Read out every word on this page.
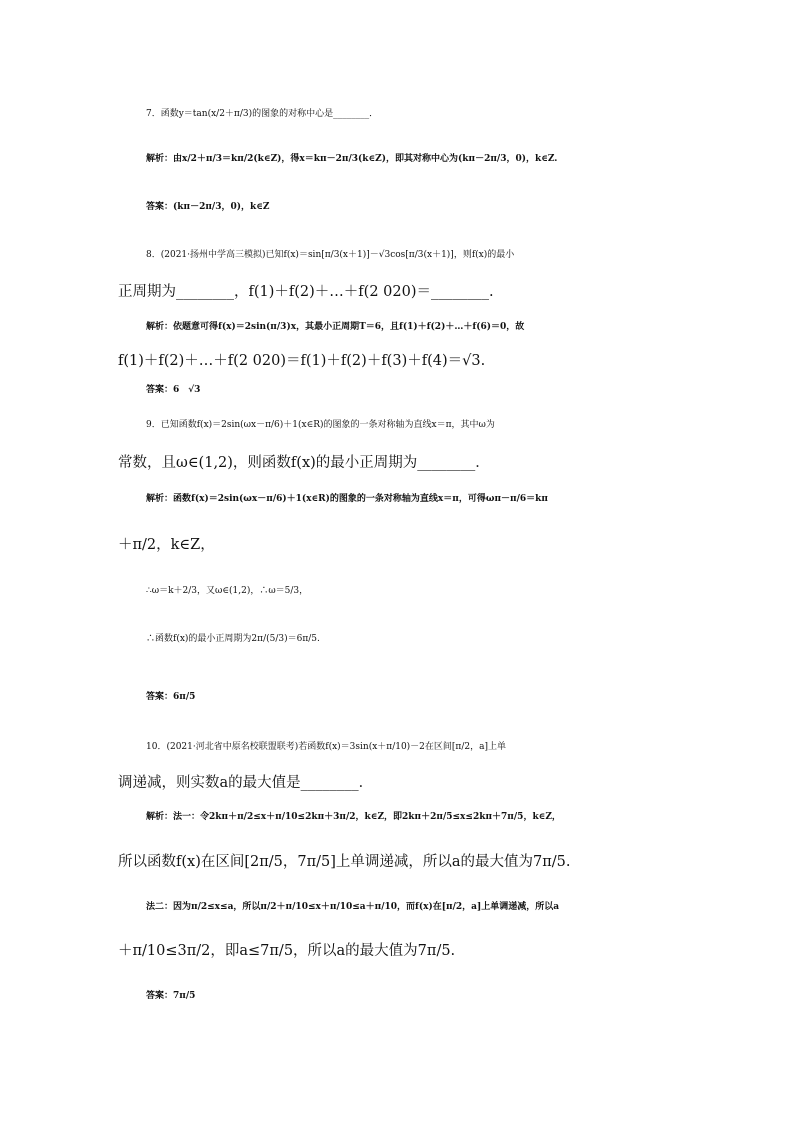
7．函数y＝tan(x/2＋π/3)的图象的对称中心是________．
解析：由x/2＋π/3＝kπ/2(k∈Z)，得x＝kπ－2π/3(k∈Z)，即其对称中心为(kπ－2π/3，0)，k∈Z.
答案：(kπ－2π/3，0)，k∈Z
8．(2021·扬州中学高三模拟)已知f(x)＝sin[π/3(x＋1)]－√3cos[π/3(x＋1)]，则f(x)的最小
正周期为________，f(1)＋f(2)＋…＋f(2 020)＝________.
解析：依题意可得f(x)＝2sin(π/3)x，其最小正周期T＝6，且f(1)＋f(2)＋…＋f(6)＝0，故
f(1)＋f(2)＋…＋f(2 020)＝f(1)＋f(2)＋f(3)＋f(4)＝√3.
答案：6　√3
9．已知函数f(x)＝2sin(ωx－π/6)＋1(x∈R)的图象的一条对称轴为直线x＝π，其中ω为
常数，且ω∈(1,2)，则函数f(x)的最小正周期为________．
解析：函数f(x)＝2sin(ωx－π/6)＋1(x∈R)的图象的一条对称轴为直线x＝π，可得ωπ－π/6＝kπ
＋π/2，k∈Z，
∴ω＝k＋2/3，又ω∈(1,2)，∴ω＝5/3，
∴函数f(x)的最小正周期为2π/(5/3)＝6π/5.
答案：6π/5
10．(2021·河北省中原名校联盟联考)若函数f(x)＝3sin(x＋π/10)－2在区间[π/2，a]上单
调递减，则实数a的最大值是________．
解析：法一：令2kπ＋π/2≤x＋π/10≤2kπ＋3π/2，k∈Z，即2kπ＋2π/5≤x≤2kπ＋7π/5，k∈Z，
所以函数f(x)在区间[2π/5，7π/5]上单调递减，所以a的最大值为7π/5.
法二：因为π/2≤x≤a，所以π/2＋π/10≤x＋π/10≤a＋π/10，而f(x)在[π/2，a]上单调递减，所以a
＋π/10≤3π/2，即a≤7π/5，所以a的最大值为7π/5.
答案：7π/5
